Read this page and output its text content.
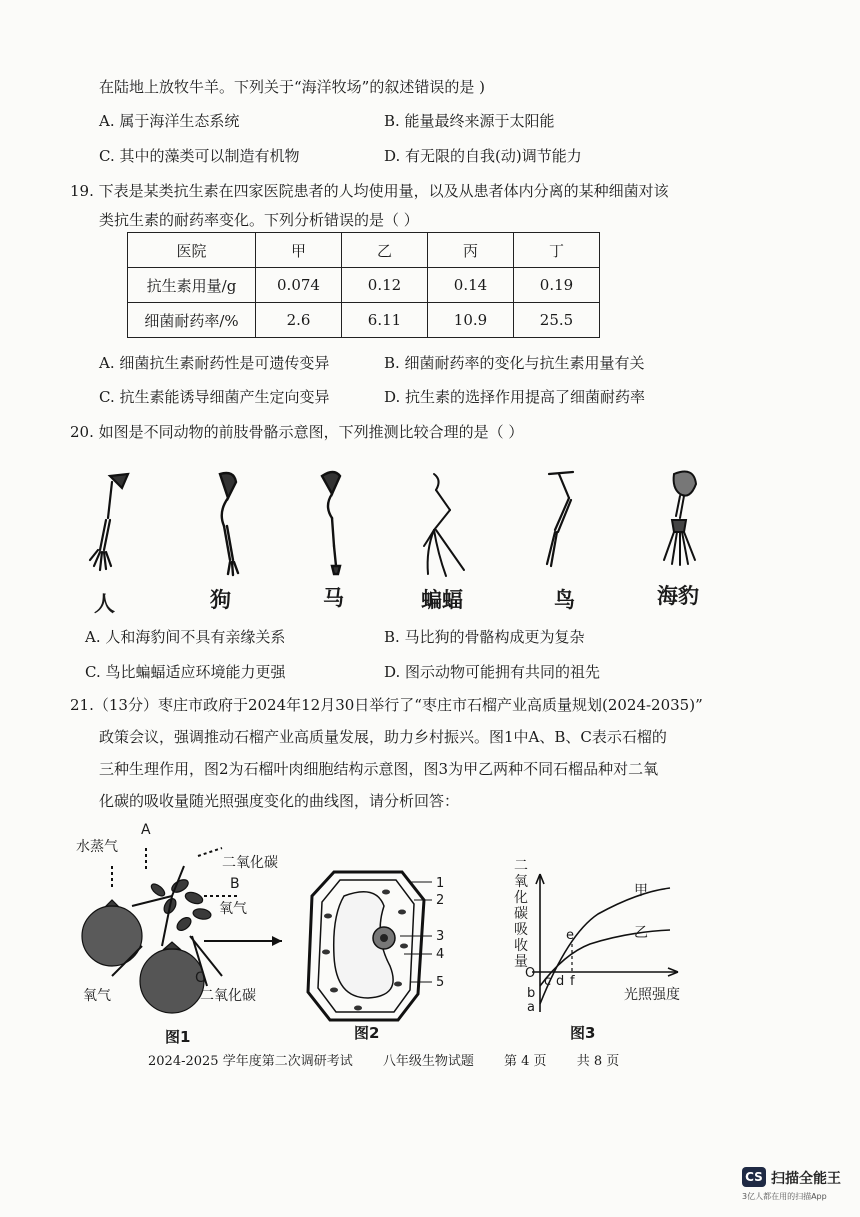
在陆地上放牧牛羊。下列关于“海洋牧场”的叙述错误的是 )
A. 属于海洋生态系统	B. 能量最终来源于太阳能
C. 其中的藻类可以制造有机物	D. 有无限的自我(动)调节能力
19. 下表是某类抗生素在四家医院患者的人均使用量，以及从患者体内分离的某种细菌对该
类抗生素的耐药率变化。下列分析错误的是（ ）
医院	甲	乙	丙	丁
抗生素用量/g	0.074	0.12	0.14	0.19
细菌耐药率/%	2.6	6.11	10.9	25.5
A. 细菌抗生素耐药性是可遗传变异	B. 细菌耐药率的变化与抗生素用量有关
C. 抗生素能诱导细菌产生定向变异	D. 抗生素的选择作用提高了细菌耐药率
20. 如图是不同动物的前肢骨骼示意图，下列推测比较合理的是（ ）
人	狗	马	蝙蝠	鸟	海豹
A. 人和海豹间不具有亲缘关系	B. 马比狗的骨骼构成更为复杂
C. 鸟比蝙蝠适应环境能力更强	D. 图示动物可能拥有共同的祖先
21.（13分）枣庄市政府于2024年12月30日举行了“枣庄市石榴产业高质量规划(2024-2035)”
政策会议，强调推动石榴产业高质量发展，助力乡村振兴。图1中A、B、C表示石榴的
三种生理作用，图2为石榴叶肉细胞结构示意图，图3为甲乙两种不同石榴品种对二氧
化碳的吸收量随光照强度变化的曲线图，请分析回答：
水蒸气
A
二氧化碳
B
氧气
C
氧气	二氧化碳
图1
1
2
3
4
5
图2
二氧化碳吸收量
甲
乙
e
O
c d f
b
a
光照强度
图3
2024-2025 学年度第二次调研考试 八年级生物试题 第 4 页 共 8 页
CS 扫描全能王
3亿人都在用的扫描App
